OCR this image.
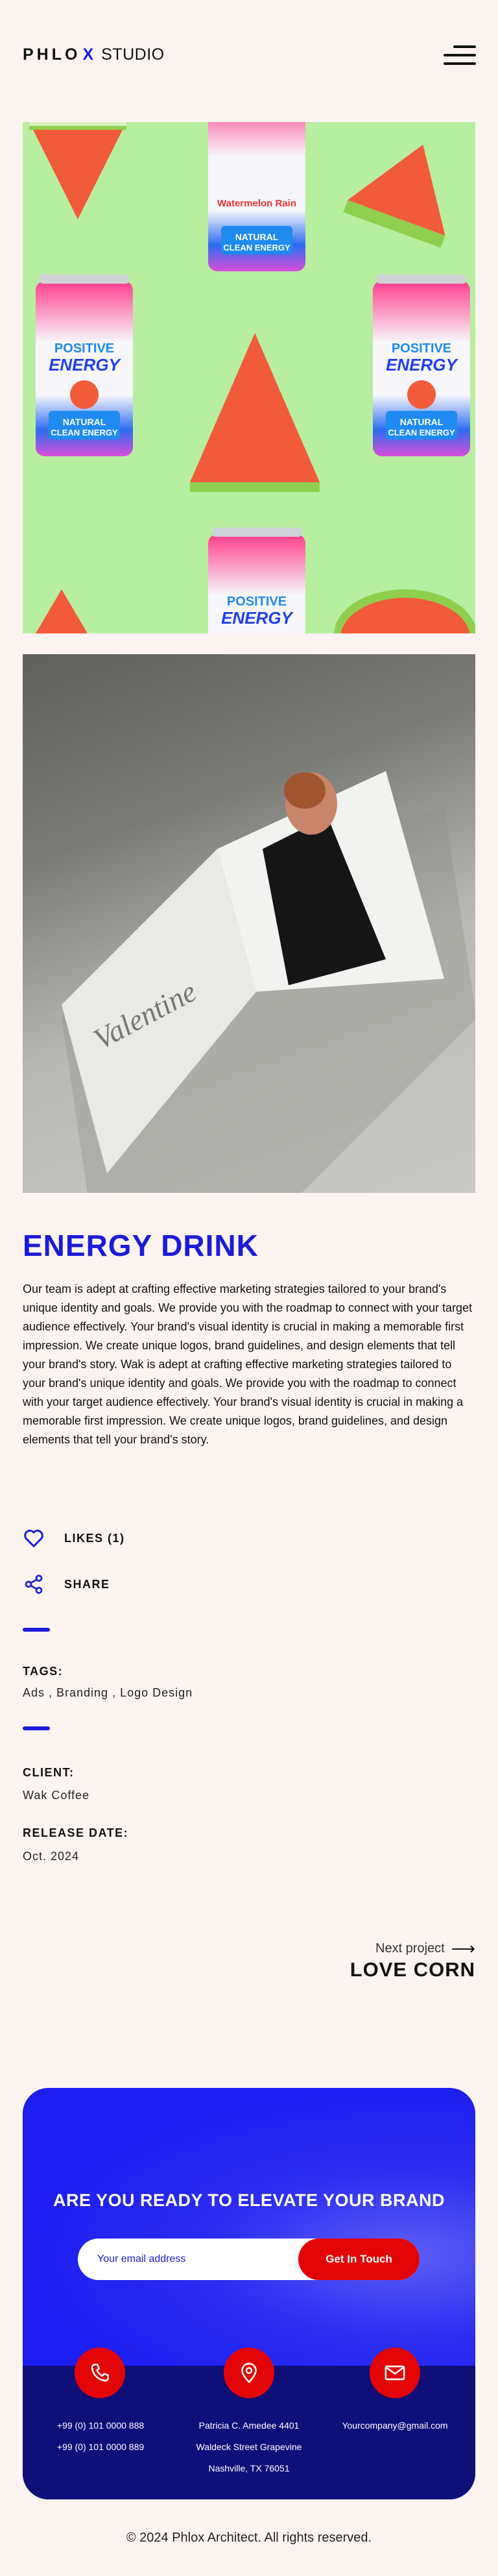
PHL O X STUDIO
Watermelon Rain
NATURAL
CLEAN ENERGY
POSITIVE
ENERGY
NATURAL
CLEAN ENERGY
POSITIVE
ENERGY
NATURAL
CLEAN ENERGY
POSITIVE
ENERGY
Valentine
ENERGY DRINK

Our team is adept at crafting effective marketing strategies tailored to your brand's unique identity and goals. We provide you with the roadmap to connect with your target audience effectively. Your brand's visual identity is crucial in making a memorable first impression. We create unique logos, brand guidelines, and design elements that tell your brand's story. Wak is adept at crafting effective marketing strategies tailored to your brand's unique identity and goals. We provide you with the roadmap to connect with your target audience effectively. Your brand's visual identity is crucial in making a memorable first impression. We create unique logos, brand guidelines, and design elements that tell your brand's story.

LIKES (1)
SHARE
TAGS:
Ads , Branding , Logo Design
CLIENT:
Wak Coffee
RELEASE DATE:
Oct. 2024
Next project ⟶
LOVE CORN
ARE YOU READY TO ELEVATE YOUR BRAND
Your email address
Get In Touch
+99 (0) 101 0000 888
+99 (0) 101 0000 889
Patricia C. Amedee 4401
Waldeck Street Grapevine
Nashville, TX 76051
Yourcompany@gmail.com
© 2024 Phlox Architect. All rights reserved.
